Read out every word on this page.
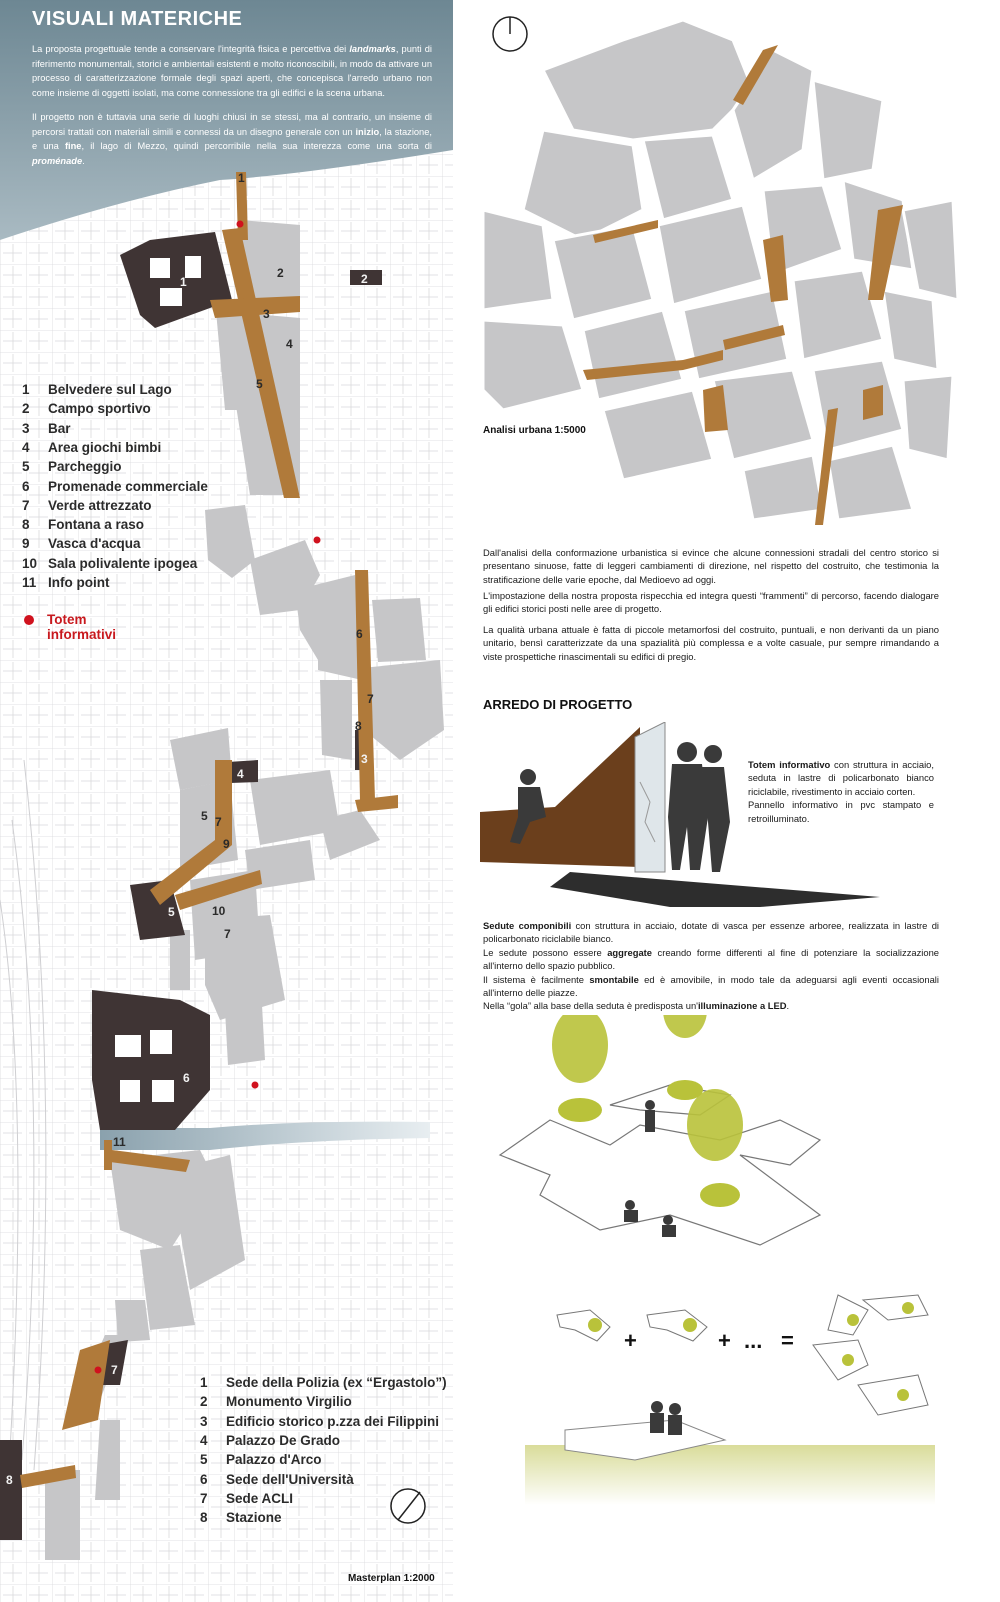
1	2
3
4
5
6
7
8
1
2
3
4
5
5
6
7
7
7
8
9
10
11
VISUALI MATERICHE
La proposta progettuale tende a conservare l'integrità fisica e percettiva dei landmarks, punti di riferimento monumentali, storici e ambientali esistenti e molto riconoscibili, in modo da attivare un processo di caratterizzazione formale degli spazi aperti, che concepisca l'arredo urbano non come insieme di oggetti isolati, ma come connessione tra gli edifici e la scena urbana.
Il progetto non è tuttavia una serie di luoghi chiusi in se stessi, ma al contrario, un insieme di percorsi trattati con materiali simili e connessi da un disegno generale con un inizio, la stazione, e una fine, il lago di Mezzo, quindi percorribile nella sua interezza come una sorta di proménade.
1	Belvedere sul Lago
2	Campo sportivo
3	Bar
4	Area giochi bimbi
5	Parcheggio
6	Promenade commerciale
7	Verde attrezzato
8	Fontana a raso
9	Vasca d'acqua
10 Sala polivalente ipogea
11 Info point
Totem informativi
1	Sede della Polizia (ex “Ergastolo”)
2	Monumento Virgilio
3	Edificio storico p.zza dei Filippini
4	Palazzo De Grado
5	Palazzo d'Arco
6	Sede dell'Università
7	Sede ACLI
8	Stazione
Masterplan 1:2000
Analisi urbana 1:5000
Dall'analisi della conformazione urbanistica si evince che alcune connessioni stradali del centro storico si presentano sinuose, fatte di leggeri cambiamenti di direzione, nel rispetto del costruito, che testimonia la stratificazione delle varie epoche, dal Medioevo ad oggi.
L'impostazione della nostra proposta rispecchia ed integra questi “frammenti” di percorso, facendo dialogare gli edifici storici posti nelle aree di progetto.
La qualità urbana attuale è fatta di piccole metamorfosi del costruito, puntuali, e non derivanti da un piano unitario, bensì caratterizzate da una spazialità più complessa e a volte casuale, pur sempre rimandando a viste prospettiche rinascimentali su edifici di pregio.
ARREDO DI PROGETTO
Totem informativo con struttura in acciaio, seduta in lastre di policarbonato bianco riciclabile, rivestimento in acciaio corten.
Pannello informativo in pvc stampato e retroilluminato.
Sedute componibili con struttura in acciaio, dotate di vasca per essenze arboree, realizzata in lastre di policarbonato riciclabile bianco.
Le sedute possono essere aggregate creando forme differenti al fine di potenziare la socializzazione all'interno dello spazio pubblico.
Il sistema è facilmente smontabile ed è amovibile, in modo tale da adeguarsi agli eventi occasionali all'interno delle piazze.
Nella “gola” alla base della seduta è predisposta un'illuminazione a LED.
+	+ ... =
